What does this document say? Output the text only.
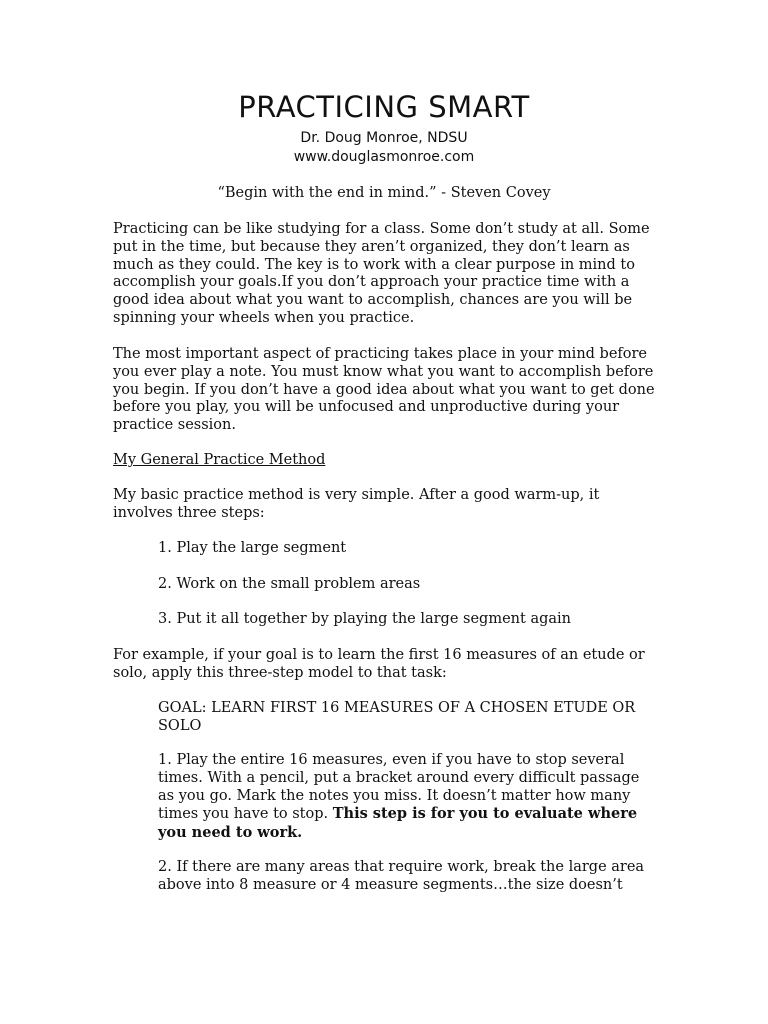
PRACTICING SMART
Dr. Doug Monroe, NDSU
www.douglasmonroe.com
“Begin with the end in mind.” - Steven Covey
Practicing can be like studying for a class. Some don’t study at all. Some put in the time, but because they aren’t organized, they don’t learn as much as they could. The key is to work with a clear purpose in mind to accomplish your goals.If you don’t approach your practice time with a good idea about what you want to accomplish, chances are you will be spinning your wheels when you practice.
The most important aspect of practicing takes place in your mind before you ever play a note. You must know what you want to accomplish before you begin. If you don’t have a good idea about what you want to get done before you play, you will be unfocused and unproductive during your practice session.
My General Practice Method
My basic practice method is very simple. After a good warm-up, it involves three steps:
1. Play the large segment
2. Work on the small problem areas
3. Put it all together by playing the large segment again
For example, if your goal is to learn the first 16 measures of an etude or solo, apply this three-step model to that task:
GOAL: LEARN FIRST 16 MEASURES OF A CHOSEN ETUDE OR SOLO
1. Play the entire 16 measures, even if you have to stop several times. With a pencil, put a bracket around every difficult passage as you go. Mark the notes you miss. It doesn’t matter how many times you have to stop. This step is for you to evaluate where you need to work.
2. If there are many areas that require work, break the large area above into 8 measure or 4 measure segments…the size doesn’t
